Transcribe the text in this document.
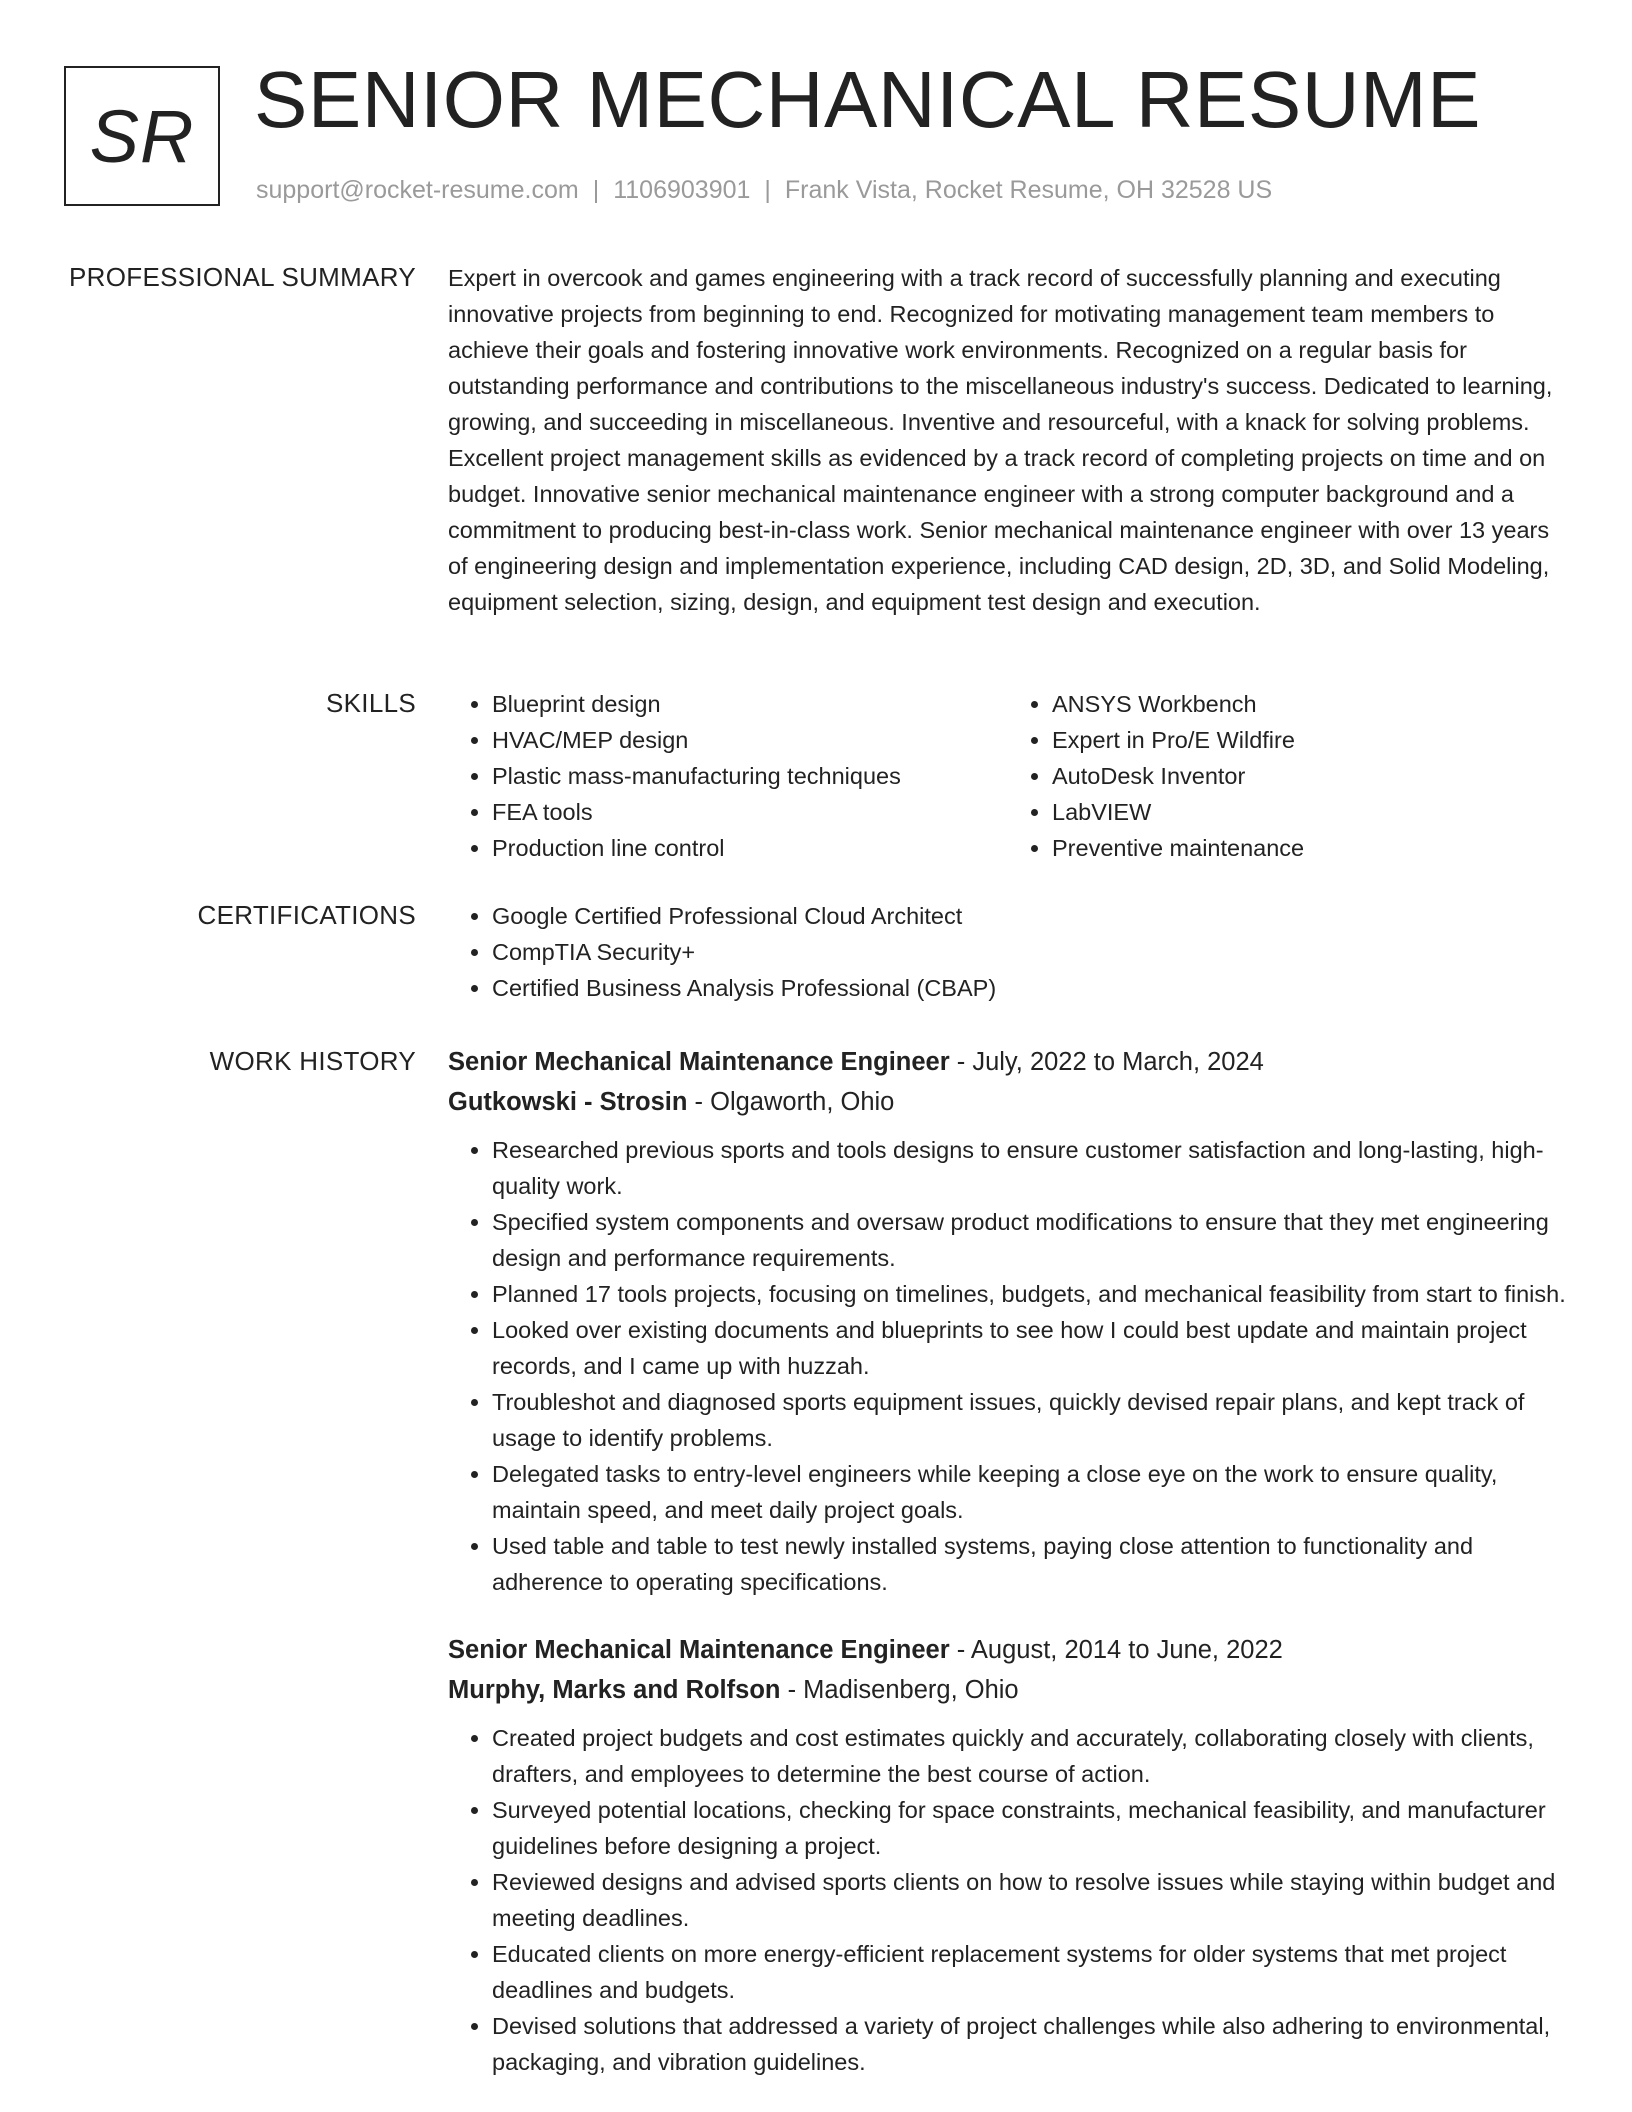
SR SENIOR MECHANICAL RESUME
support@rocket-resume.com | 1106903901 | Frank Vista, Rocket Resume, OH 32528 US
PROFESSIONAL SUMMARY Expert in overcook and games engineering with a track record of successfully planning and executing innovative projects from beginning to end. Recognized for motivating management team members to achieve their goals and fostering innovative work environments. Recognized on a regular basis for outstanding performance and contributions to the miscellaneous industry's success. Dedicated to learning, growing, and succeeding in miscellaneous. Inventive and resourceful, with a knack for solving problems. Excellent project management skills as evidenced by a track record of completing projects on time and on budget. Innovative senior mechanical maintenance engineer with a strong computer background and a commitment to producing best-in-class work. Senior mechanical maintenance engineer with over 13 years of engineering design and implementation experience, including CAD design, 2D, 3D, and Solid Modeling, equipment selection, sizing, design, and equipment test design and execution.

SKILLS	• Blueprint design
• HVAC/MEP design
• Plastic mass-manufacturing techniques
• FEA tools
• Production line control
• ANSYS Workbench
• Expert in Pro/E Wildfire
• AutoDesk Inventor
• LabVIEW
• Preventive maintenance
CERTIFICATIONS	• Google Certified Professional Cloud Architect
• CompTIA Security+
• Certified Business Analysis Professional (CBAP)
WORK HISTORY Senior Mechanical Maintenance Engineer - July, 2022 to March, 2024
Gutkowski - Strosin - Olgaworth, Ohio
• Researched previous sports and tools designs to ensure customer satisfaction and long-lasting, high-quality work.
• Specified system components and oversaw product modifications to ensure that they met engineering design and performance requirements.
• Planned 17 tools projects, focusing on timelines, budgets, and mechanical feasibility from start to finish.
• Looked over existing documents and blueprints to see how I could best update and maintain project records, and I came up with huzzah.
• Troubleshot and diagnosed sports equipment issues, quickly devised repair plans, and kept track of usage to identify problems.
• Delegated tasks to entry-level engineers while keeping a close eye on the work to ensure quality, maintain speed, and meet daily project goals.
• Used table and table to test newly installed systems, paying close attention to functionality and adherence to operating specifications.
Senior Mechanical Maintenance Engineer - August, 2014 to June, 2022
Murphy, Marks and Rolfson - Madisenberg, Ohio
• Created project budgets and cost estimates quickly and accurately, collaborating closely with clients, drafters, and employees to determine the best course of action.
• Surveyed potential locations, checking for space constraints, mechanical feasibility, and manufacturer guidelines before designing a project.
• Reviewed designs and advised sports clients on how to resolve issues while staying within budget and meeting deadlines.
• Educated clients on more energy-efficient replacement systems for older systems that met project deadlines and budgets.
• Devised solutions that addressed a variety of project challenges while also adhering to environmental, packaging, and vibration guidelines.
